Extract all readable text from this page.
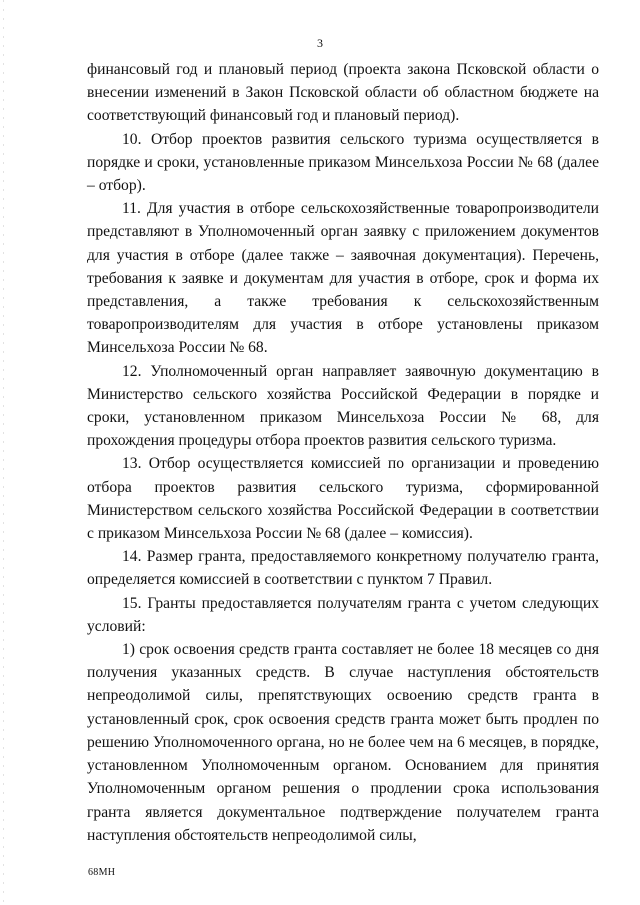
3

финансовый год и плановый период (проекта закона Псковской области о внесении изменений в Закон Псковской области об областном бюджете на соответствующий финансовый год и плановый период).

10. Отбор проектов развития сельского туризма осуществляется в порядке и сроки, установленные приказом Минсельхоза России № 68 (далее – отбор).

11. Для участия в отборе сельскохозяйственные товаропроизводители представляют в Уполномоченный орган заявку с приложением документов для участия в отборе (далее также – заявочная документация). Перечень, требования к заявке и документам для участия в отборе, срок и форма их представления, а также требования к сельскохозяйственным товаропроизводителям для участия в отборе установлены приказом Минсельхоза России № 68.

12. Уполномоченный орган направляет заявочную документацию в Министерство сельского хозяйства Российской Федерации в порядке и сроки, установленном приказом Минсельхоза России № 68, для прохождения процедуры отбора проектов развития сельского туризма.

13. Отбор осуществляется комиссией по организации и проведению отбора проектов развития сельского туризма, сформированной Министерством сельского хозяйства Российской Федерации в соответствии с приказом Минсельхоза России № 68 (далее – комиссия).

14. Размер гранта, предоставляемого конкретному получателю гранта, определяется комиссией в соответствии с пунктом 7 Правил.

15. Гранты предоставляется получателям гранта с учетом следующих условий:

1) срок освоения средств гранта составляет не более 18 месяцев со дня получения указанных средств. В случае наступления обстоятельств непреодолимой силы, препятствующих освоению средств гранта в установленный срок, срок освоения средств гранта может быть продлен по решению Уполномоченного органа, но не более чем на 6 месяцев, в порядке, установленном Уполномоченным органом. Основанием для принятия Уполномоченным органом решения о продлении срока использования гранта является документальное подтверждение получателем гранта наступления обстоятельств непреодолимой силы,

68МН
